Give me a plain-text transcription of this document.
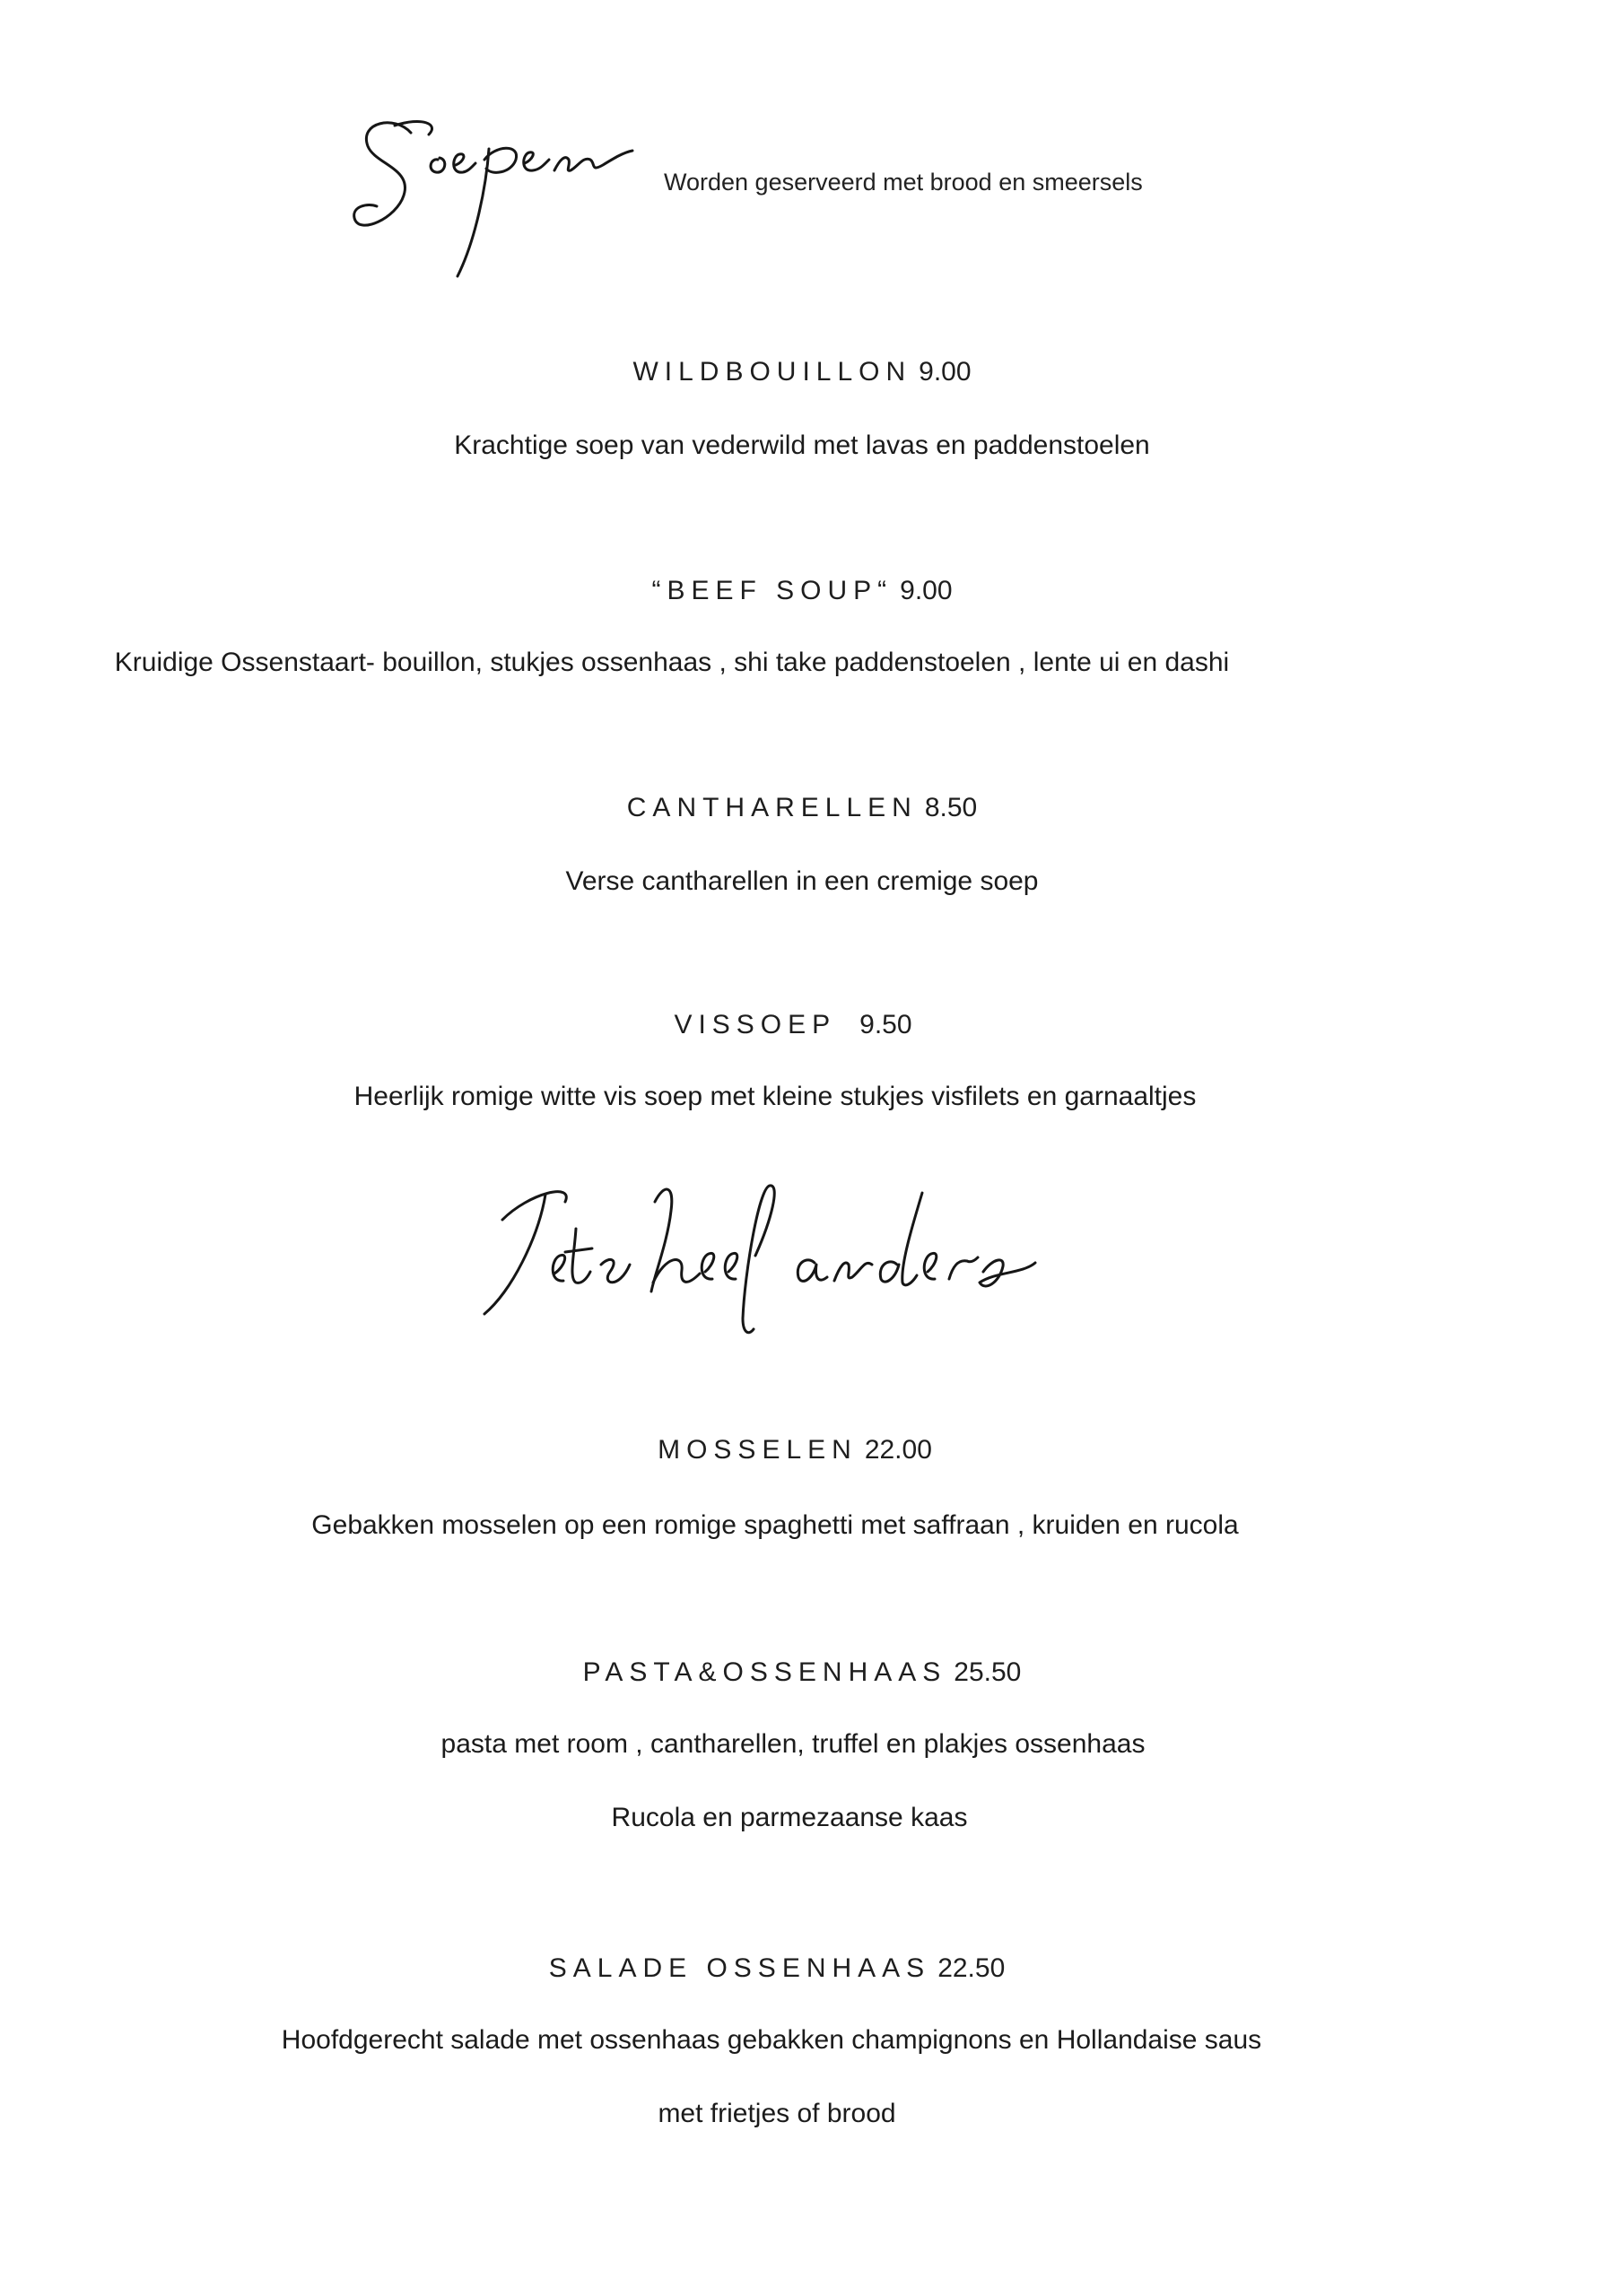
Worden geserveerd met brood en smeersels
WILDBOUILLON 9.00
Krachtige soep van vederwild met lavas en paddenstoelen
“BEEF SOUP“ 9.00
Kruidige Ossenstaart- bouillon, stukjes ossenhaas , shi take paddenstoelen , lente ui en dashi
CANTHARELLEN 8.50
Verse cantharellen in een cremige soep
VISSOEP 9.50
Heerlijk romige witte vis soep met kleine stukjes visfilets en garnaaltjes
MOSSELEN 22.00
Gebakken mosselen op een romige spaghetti met saffraan , kruiden en rucola
PASTA&OSSENHAAS 25.50
pasta met room , cantharellen, truffel en plakjes ossenhaas
Rucola en parmezaanse kaas
SALADE OSSENHAAS 22.50
Hoofdgerecht salade met ossenhaas gebakken champignons en Hollandaise saus
met frietjes of brood
